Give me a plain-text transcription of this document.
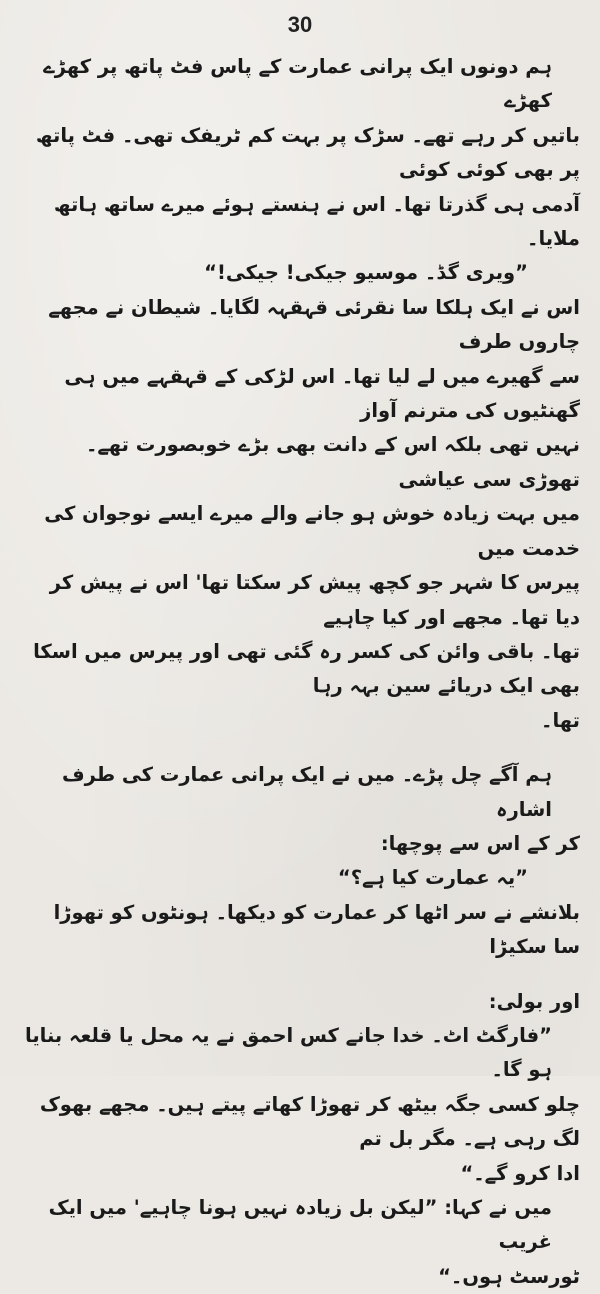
30

ہم دونوں ایک پرانی عمارت کے پاس فٹ پاتھ پر کھڑے کھڑے

باتیں کر رہے تھے۔ سڑک پر بہت کم ٹریفک تھی۔ فٹ پاتھ پر بھی کوئی کوئی

آدمی ہی گذرتا تھا۔ اس نے ہنستے ہوئے میرے ساتھ ہاتھ ملایا۔

”ویری گڈ۔ موسیو جیکی! جیکی!“

اس نے ایک ہلکا سا نقرئی قہقہہ لگایا۔ شیطان نے مجھے چاروں طرف

سے گھیرے میں لے لیا تھا۔ اس لڑکی کے قہقہے میں ہی گھنٹیوں کی مترنم آواز

نہیں تھی بلکہ اس کے دانت بھی بڑے خوبصورت تھے۔ تھوڑی سی عیاشی

میں بہت زیادہ خوش ہو جانے والے میرے ایسے نوجوان کی خدمت میں

پیرس کا شہر جو کچھ پیش کر سکتا تھا' اس نے پیش کر دیا تھا۔ مجھے اور کیا چاہیے

تھا۔ باقی وائن کی کسر رہ گئی تھی اور پیرس میں اسکا بھی ایک دریائے سین بہہ رہا

تھا۔

ہم آگے چل پڑے۔ میں نے ایک پرانی عمارت کی طرف اشارہ

کر کے اس سے پوچھا:

”یہ عمارت کیا ہے؟“

بلانشے نے سر اٹھا کر عمارت کو دیکھا۔ ہونٹوں کو تھوڑا سا سکیڑا

اور بولی:

”فارگٹ اٹ۔ خدا جانے کس احمق نے یہ محل یا قلعہ بنایا ہو گا۔

چلو کسی جگہ بیٹھ کر تھوڑا کھاتے پیتے ہیں۔ مجھے بھوک لگ رہی ہے۔ مگر بل تم

ادا کرو گے۔“

میں نے کہا: ”لیکن بل زیادہ نہیں ہونا چاہیے' میں ایک غریب

ٹورسٹ ہوں۔“
